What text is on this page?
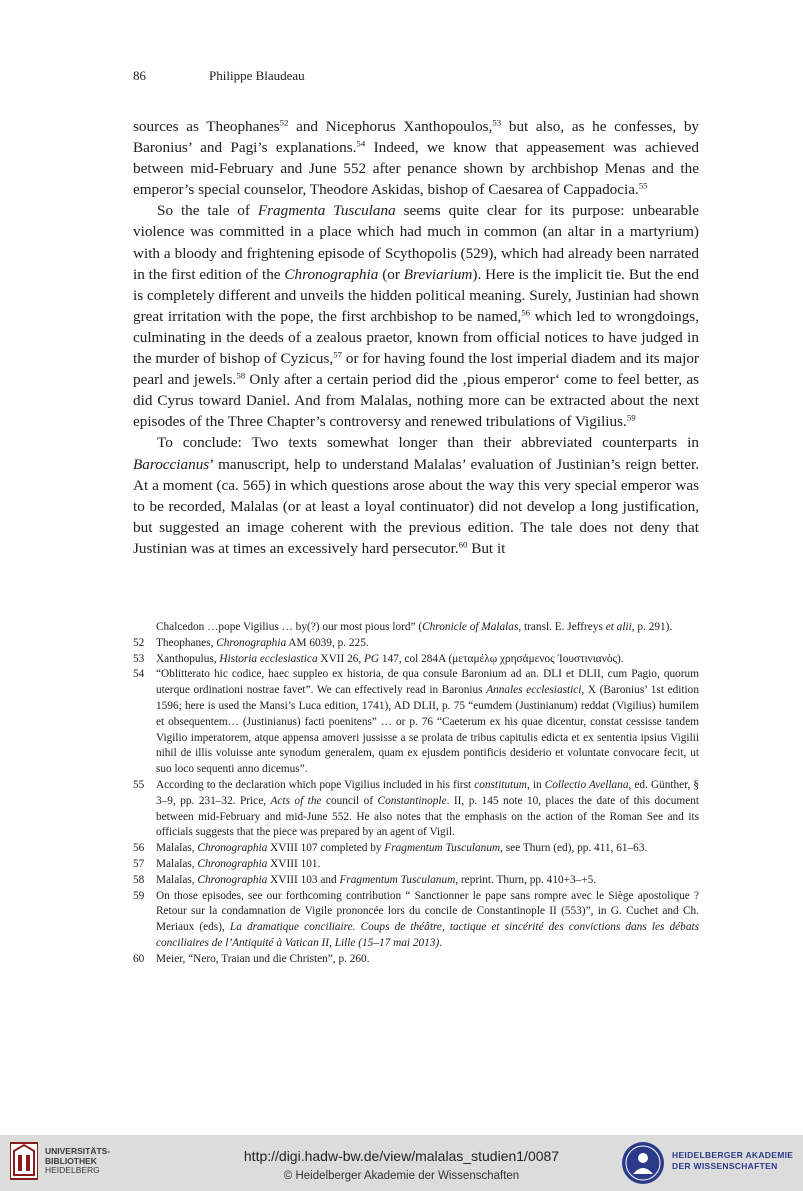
86	Philippe Blaudeau

sources as Theophanes$^{52}$ and Nicephorus Xanthopoulos,$^{53}$ but also, as he confesses, by Baronius’ and Pagi’s explanations.$^{54}$ Indeed, we know that appeasement was achieved between mid-February and June 552 after penance shown by archbishop Menas and the emperor’s special counselor, Theodore Askidas, bishop of Caesarea of Cappadocia.$^{55}$

So the tale of Fragmenta Tusculana seems quite clear for its purpose: unbearable violence was committed in a place which had much in common (an altar in a martyrium) with a bloody and frightening episode of Scythopolis (529), which had already been narrated in the first edition of the Chronographia (or Breviarium). Here is the implicit tie. But the end is completely different and unveils the hidden political meaning. Surely, Justinian had shown great irritation with the pope, the first archbishop to be named,$^{56}$ which led to wrongdoings, culminating in the deeds of a zealous praetor, known from official notices to have judged in the murder of bishop of Cyzicus,$^{57}$ or for having found the lost imperial diadem and its major pearl and jewels.$^{58}$ Only after a certain period did the ‚pious emperor‘ come to feel better, as did Cyrus toward Daniel. And from Malalas, nothing more can be extracted about the next episodes of the Three Chapter’s controversy and renewed tribulations of Vigilius.$^{59}$

To conclude: Two texts somewhat longer than their abbreviated counterparts in Baroccianus’ manuscript, help to understand Malalas’ evaluation of Justinian’s reign better. At a moment (ca. 565) in which questions arose about the way this very special emperor was to be recorded, Malalas (or at least a loyal continuator) did not develop a long justification, but suggested an image coherent with the previous edition. The tale does not deny that Justinian was at times an excessively hard persecutor.$^{60}$ But it

Chalcedon …pope Vigilius … by(?) our most pious lord” (Chronicle of Malalas, transl. E. Jeffreys et alii, p. 291).

52 Theophanes, Chronographia AM 6039, p. 225.

53 Xanthopulus, Historia ecclesiastica XVII 26, PG 147, col 284A (μεταμέλῳ χρησάμενος Ἰουστινιανὸς).

54 “Oblitterato hic codice, haec suppleo ex historia, de qua consule Baronium ad an. DLI et DLII, cum Pagio, quorum uterque ordinationi nostrae favet”. We can effectively read in Baronius Annales ecclesiastici, X (Baronius’ 1st edition 1596; here is used the Mansi’s Luca edition, 1741), AD DLII, p. 75 “eumdem (Justinianum) reddat (Vigilius) humilem et obsequentem… (Justinianus) facti poenitens” … or p. 76 “Caeterum ex his quae dicentur, constat cessisse tandem Vigilio imperatorem, atque appensa amoveri jussisse a se prolata de tribus capitulis edicta et ex sententia ipsius Vigilii nihil de illis voluisse ante synodum generalem, quam ex ejusdem pontificis desiderio et voluntate convocare fecit, ut suo loco sequenti anno dicemus”.

55 According to the declaration which pope Vigilius included in his first constitutum, in Collectio Avellana, ed. Günther, § 3–9, pp. 231–32. Price, Acts of the council of Constantinople. II, p. 145 note 10, places the date of this document between mid-February and mid-June 552. He also notes that the emphasis on the action of the Roman See and its officials suggests that the piece was prepared by an agent of Vigil.

56 Malalas, Chronographia XVIII 107 completed by Fragmentum Tusculanum, see Thurn (ed), pp. 411, 61–63.

57 Malalas, Chronographia XVIII 101.

58 Malalas, Chronographia XVIII 103 and Fragmentum Tusculanum, reprint. Thurn, pp. 410+3–+5.

59 On those episodes, see our forthcoming contribution “ Sanctionner le pape sans rompre avec le Siège apostolique ? Retour sur la condamnation de Vigile prononcée lors du concile de Constantinople II (553)”, in G. Cuchet and Ch. Meriaux (eds), La dramatique conciliaire. Coups de théâtre, tactique et sincérité des convictions dans les débats conciliaires de l’Antiquité à Vatican II, Lille (15–17 mai 2013).

60 Meier, “Nero, Traian und die Christen”, p. 260.

UNIVERSITÄTS-
BIBLIOTHEK
HEIDELBERG
http://digi.hadw-bw.de/view/malalas_studien1/0087
© Heidelberger Akademie der Wissenschaften
HEIDELBERGER AKADEMIE
DER WISSENSCHAFTEN
